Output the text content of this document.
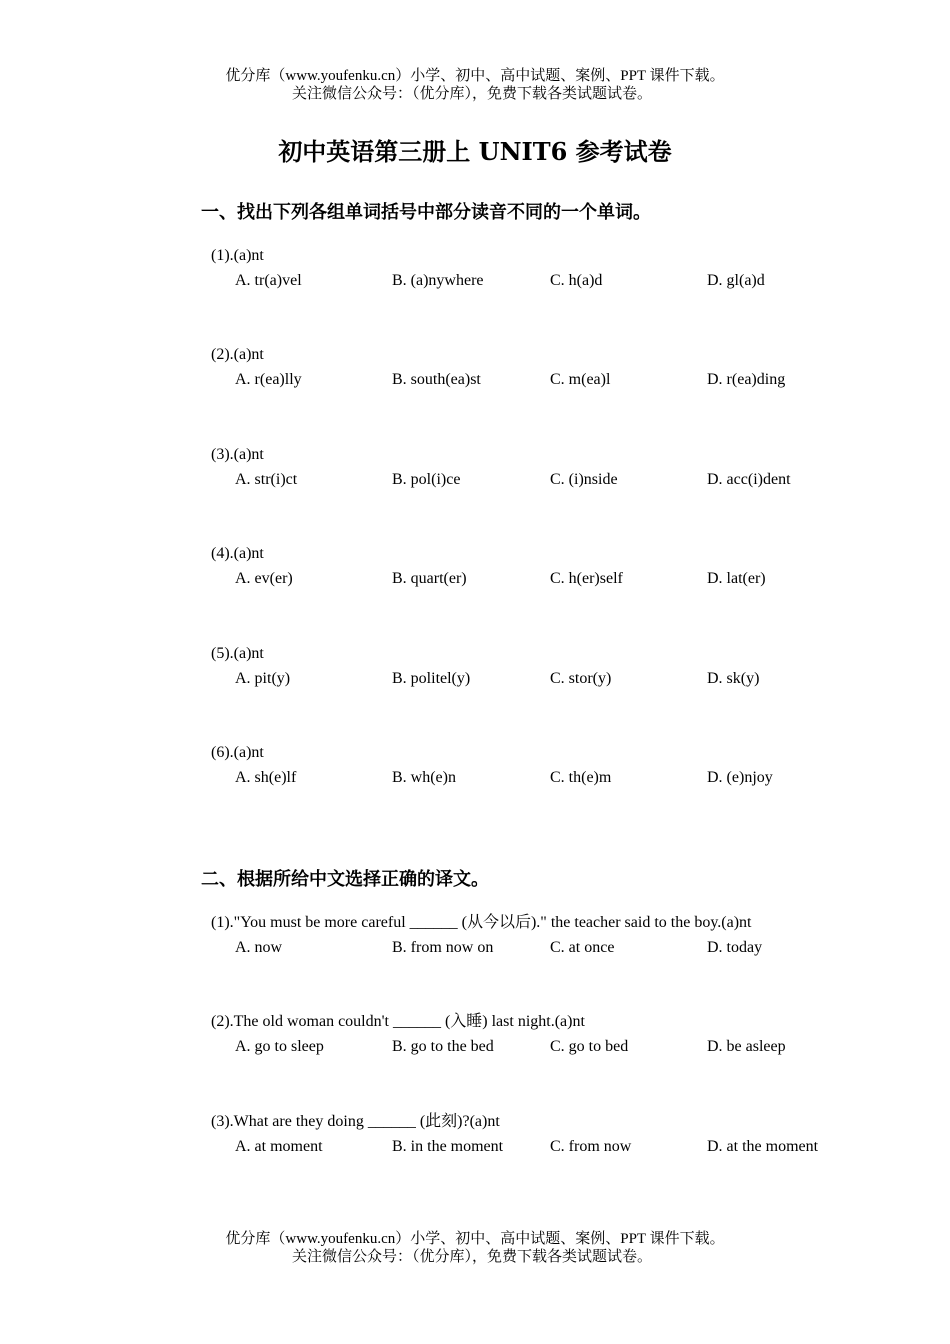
优分库（www.youfenku.cn）小学、初中、高中试题、案例、PPT 课件下载。
关注微信公众号：（优分库），免费下载各类试题试卷。
初中英语第三册上 UNIT6 参考试卷
一、找出下列各组单词括号中部分读音不同的一个单词。
(1).(a)nt
A. tr(a)vel	B. (a)nywhere	C. h(a)d	D. gl(a)d
(2).(a)nt
A. r(ea)lly	B. south(ea)st	C. m(ea)l	D. r(ea)ding
(3).(a)nt
A. str(i)ct	B. pol(i)ce	C. (i)nside	D. acc(i)dent
(4).(a)nt
A. ev(er)	B. quart(er)	C. h(er)self	D. lat(er)
(5).(a)nt
A. pit(y)	B. politel(y)	C. stor(y)	D. sk(y)
(6).(a)nt
A. sh(e)lf	B. wh(e)n	C. th(e)m	D. (e)njoy
二、根据所给中文选择正确的译文。
(1)."You must be more careful ______ (从今以后)." the teacher said to the boy.(a)nt
A. now	B. from now on	C. at once	D. today
(2).The old woman couldn't ______ (入睡) last night.(a)nt
A. go to sleep	B. go to the bed	C. go to bed	D. be asleep
(3).What are they doing ______ (此刻)?(a)nt
A. at moment	B. in the moment	C. from now	D. at the moment
优分库（www.youfenku.cn）小学、初中、高中试题、案例、PPT 课件下载。
关注微信公众号：（优分库），免费下载各类试题试卷。
